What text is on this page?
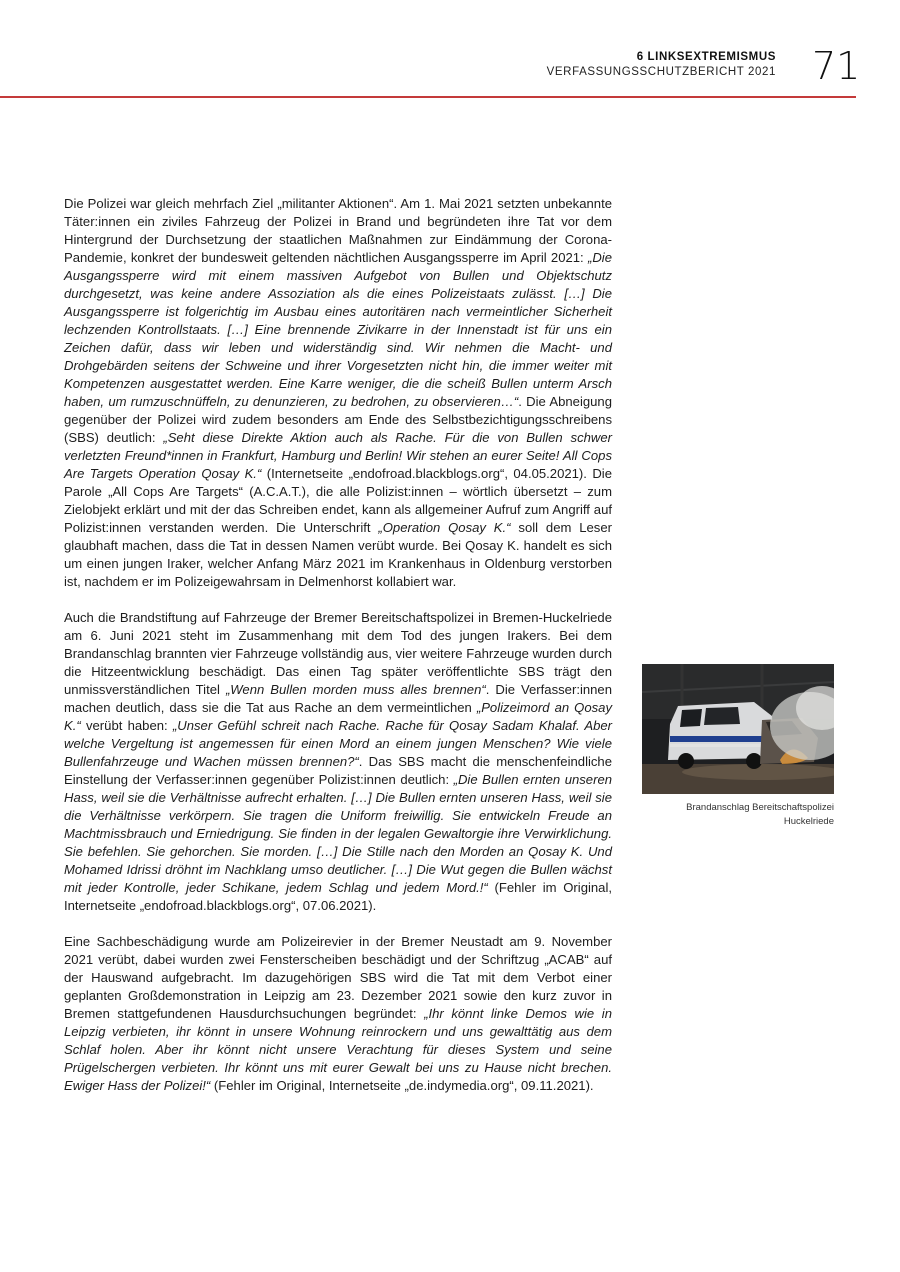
6 LINKSEXTREMISMUS
VERFASSUNGSSCHUTZBERICHT 2021 71

Die Polizei war gleich mehrfach Ziel „militanter Aktionen“. Am 1. Mai 2021 setzten unbekannte Täter:innen ein ziviles Fahrzeug der Polizei in Brand und begründeten ihre Tat vor dem Hintergrund der Durchsetzung der staatlichen Maßnahmen zur Eindämmung der Corona-Pandemie, konkret der bundesweit geltenden nächtlichen Ausgangssperre im April 2021: „Die Ausgangssperre wird mit einem massiven Aufgebot von Bullen und Objektschutz durchgesetzt, was keine andere Assoziation als die eines Polizeistaats zulässt. […] Die Ausgangssperre ist folgerichtig im Ausbau eines autoritären nach vermeintlicher Sicherheit lechzenden Kontrollstaats. […] Eine brennende Zivikarre in der Innenstadt ist für uns ein Zeichen dafür, dass wir leben und widerständig sind. Wir nehmen die Macht- und Drohgebärden seitens der Schweine und ihrer Vorgesetzten nicht hin, die immer weiter mit Kompetenzen ausgestattet werden. Eine Karre weniger, die die scheiß Bullen unterm Arsch haben, um rumzuschnüffeln, zu denunzieren, zu bedrohen, zu observieren…“. Die Abneigung gegenüber der Polizei wird zudem besonders am Ende des Selbstbezichtigungsschreibens (SBS) deutlich: „Seht diese Direkte Aktion auch als Rache. Für die von Bullen schwer verletzten Freund*innen in Frankfurt, Hamburg und Berlin! Wir stehen an eurer Seite! All Cops Are Targets Operation Qosay K.“ (Internetseite „endofroad.blackblogs.org“, 04.05.2021). Die Parole „All Cops Are Targets“ (A.C.A.T.), die alle Polizist:innen – wörtlich übersetzt – zum Zielobjekt erklärt und mit der das Schreiben endet, kann als allgemeiner Aufruf zum Angriff auf Polizist:innen verstanden werden. Die Unterschrift „Operation Qosay K.“ soll dem Leser glaubhaft machen, dass die Tat in dessen Namen verübt wurde. Bei Qosay K. handelt es sich um einen jungen Iraker, welcher Anfang März 2021 im Krankenhaus in Oldenburg verstorben ist, nachdem er im Polizeigewahrsam in Delmenhorst kollabiert war.

Auch die Brandstiftung auf Fahrzeuge der Bremer Bereitschaftspolizei in Bremen-Huckelriede am 6. Juni 2021 steht im Zusammenhang mit dem Tod des jungen Irakers. Bei dem Brandanschlag brannten vier Fahrzeuge vollständig aus, vier weitere Fahrzeuge wurden durch die Hitzeentwicklung beschädigt. Das einen Tag später veröffentlichte SBS trägt den unmissverständlichen Titel „Wenn Bullen morden muss alles brennen“. Die Verfasser:innen machen deutlich, dass sie die Tat aus Rache an dem vermeintlichen „Polizeimord an Qosay K.“ verübt haben: „Unser Gefühl schreit nach Rache. Rache für Qosay Sadam Khalaf. Aber welche Vergeltung ist angemessen für einen Mord an einem jungen Menschen? Wie viele Bullenfahrzeuge und Wachen müssen brennen?“. Das SBS macht die menschenfeindliche Einstellung der Verfasser:innen gegenüber Polizist:innen deutlich: „Die Bullen ernten unseren Hass, weil sie die Verhältnisse aufrecht erhalten. […] Die Bullen ernten unseren Hass, weil sie die Verhältnisse verkörpern. Sie tragen die Uniform freiwillig. Sie entwickeln Freude an Machtmissbrauch und Erniedrigung. Sie finden in der legalen Gewaltorgie ihre Verwirklichung. Sie befehlen. Sie gehorchen. Sie morden. […] Die Stille nach den Morden an Qosay K. Und Mohamed Idrissi dröhnt im Nachklang umso deutlicher. […] Die Wut gegen die Bullen wächst mit jeder Kontrolle, jeder Schikane, jedem Schlag und jedem Mord.!“ (Fehler im Original, Internetseite „endofroad.blackblogs.org“, 07.06.2021).

Eine Sachbeschädigung wurde am Polizeirevier in der Bremer Neustadt am 9. November 2021 verübt, dabei wurden zwei Fensterscheiben beschädigt und der Schriftzug „ACAB“ auf der Hauswand aufgebracht. Im dazugehörigen SBS wird die Tat mit dem Verbot einer geplanten Großdemonstration in Leipzig am 23. Dezember 2021 sowie den kurz zuvor in Bremen stattgefundenen Hausdurchsuchungen begründet: „Ihr könnt linke Demos wie in Leipzig verbieten, ihr könnt in unsere Wohnung reinrockern und uns gewalttätig aus dem Schlaf holen. Aber ihr könnt nicht unsere Verachtung für dieses System und seine Prügelschergen verbieten. Ihr könnt uns mit eurer Gewalt bei uns zu Hause nicht brechen. Ewiger Hass der Polizei!“ (Fehler im Original, Internetseite „de.indymedia.org“, 09.11.2021).

Brandanschlag Bereitschaftspolizei
Huckelriede
